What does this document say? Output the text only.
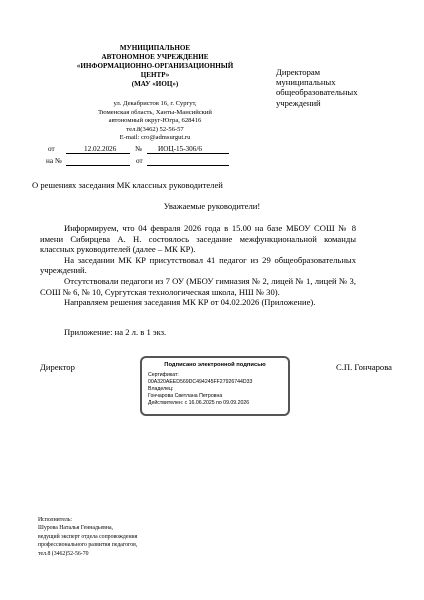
МУНИЦИПАЛЬНОЕ
АВТОНОМНОЕ УЧРЕЖДЕНИЕ
«ИНФОРМАЦИОННО-ОРГАНИЗАЦИОННЫЙ
ЦЕНТР»
(МАУ «ИОЦ»)
ул. Декабристов 16, г. Сургут,
Тюменская область, Ханты-Мансийский
автономный округ-Югра, 628416
тел.8(3462) 52-56-57
E-mail: cro@admsurgut.ru
Директорам
муниципальных
общеобразовательных
учреждений
от	12.02.2026	№ ИОЦ-15-306/6
на №	от
О решениях заседания МК классных руководителей
Уважаемые руководители!

Информируем, что 04 февраля 2026 года в 15.00 на базе МБОУ СОШ № 8 имени Сибирцева А. Н. состоялось заседание межфункциональной команды классных руководителей (далее – МК КР).

На заседании МК КР присутствовал 41 педагог из 29 общеобразовательных учреждений.

Отсутствовали педагоги из 7 ОУ (МБОУ гимназия № 2, лицей № 1, лицей № 3, СОШ № 6, № 10, Сургутская технологическая школа, НШ № 30).

Направляем решения заседания МК КР от 04.02.2026 (Приложение).

Приложение: на 2 л. в 1 экз.
Директор	С.П. Гончарова
Подписано электронной подписью
Сертификат:
00A320AEED569DC494245FF27926744D33
Владелец:
Гончарова Светлана Петровна
Действителен: с 16.06.2025 по 09.09.2026
Исполнитель:
Шурова Наталья Геннадьевна,
ведущий эксперт отдела сопровождения
профессионального развития педагогов,
тел.8 (3462)52-56-70
